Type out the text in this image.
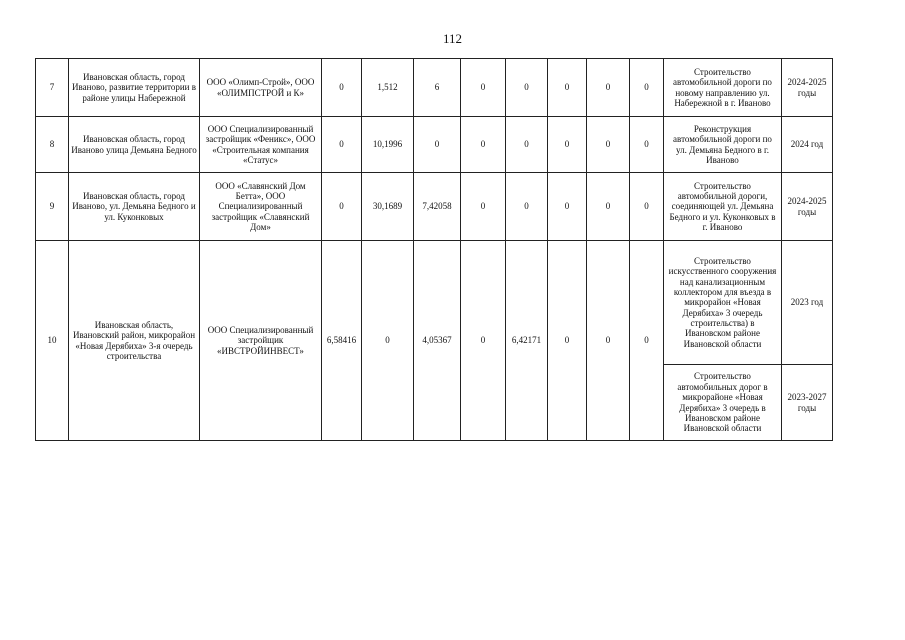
112
7	Ивановская область, город Иваново, развитие территории в районе улицы Набережной	ООО «Олимп-Строй», ООО «ОЛИМПСТРОЙ и К»	0	1,512	6	0	0	0	0	0	Строительство автомобильной дороги по новому направлению ул. Набережной в г. Иваново	2024-2025 годы
8	Ивановская область, город Иваново улица Демьяна Бедного	ООО Специализированный застройщик «Феникс», ООО «Строительная компания «Статус»	0	10,1996	0	0	0	0	0	0	Реконструкция автомобильной дороги по ул. Демьяна Бедного в г. Иваново	2024 год
9	Ивановская область, город Иваново, ул. Демьяна Бедного и ул. Куконковых	ООО «Славянский Дом Бетта», ООО Специализированный застройщик «Славянский Дом»	0	30,1689	7,42058	0	0	0	0	0	Строительство автомобильной дороги, соединяющей ул. Демьяна Бедного и ул. Куконковых в г. Иваново	2024-2025 годы
10	Ивановская область, Ивановский район, микрорайон «Новая Дерябиха» 3-я очередь строительства	ООО Специализированный застройщик «ИВСТРОЙИНВЕСТ»	6,58416	0	4,05367	0	6,42171	0	0	0	Строительство искусственного сооружения над канализационным коллектором для въезда в микрорайон «Новая Дерябиха» 3 очередь строительства) в Ивановском районе Ивановской области	2023 год
											Строительство автомобильных дорог в микрорайоне «Новая Дерябиха» 3 очередь в Ивановском районе Ивановской области	2023-2027 годы
